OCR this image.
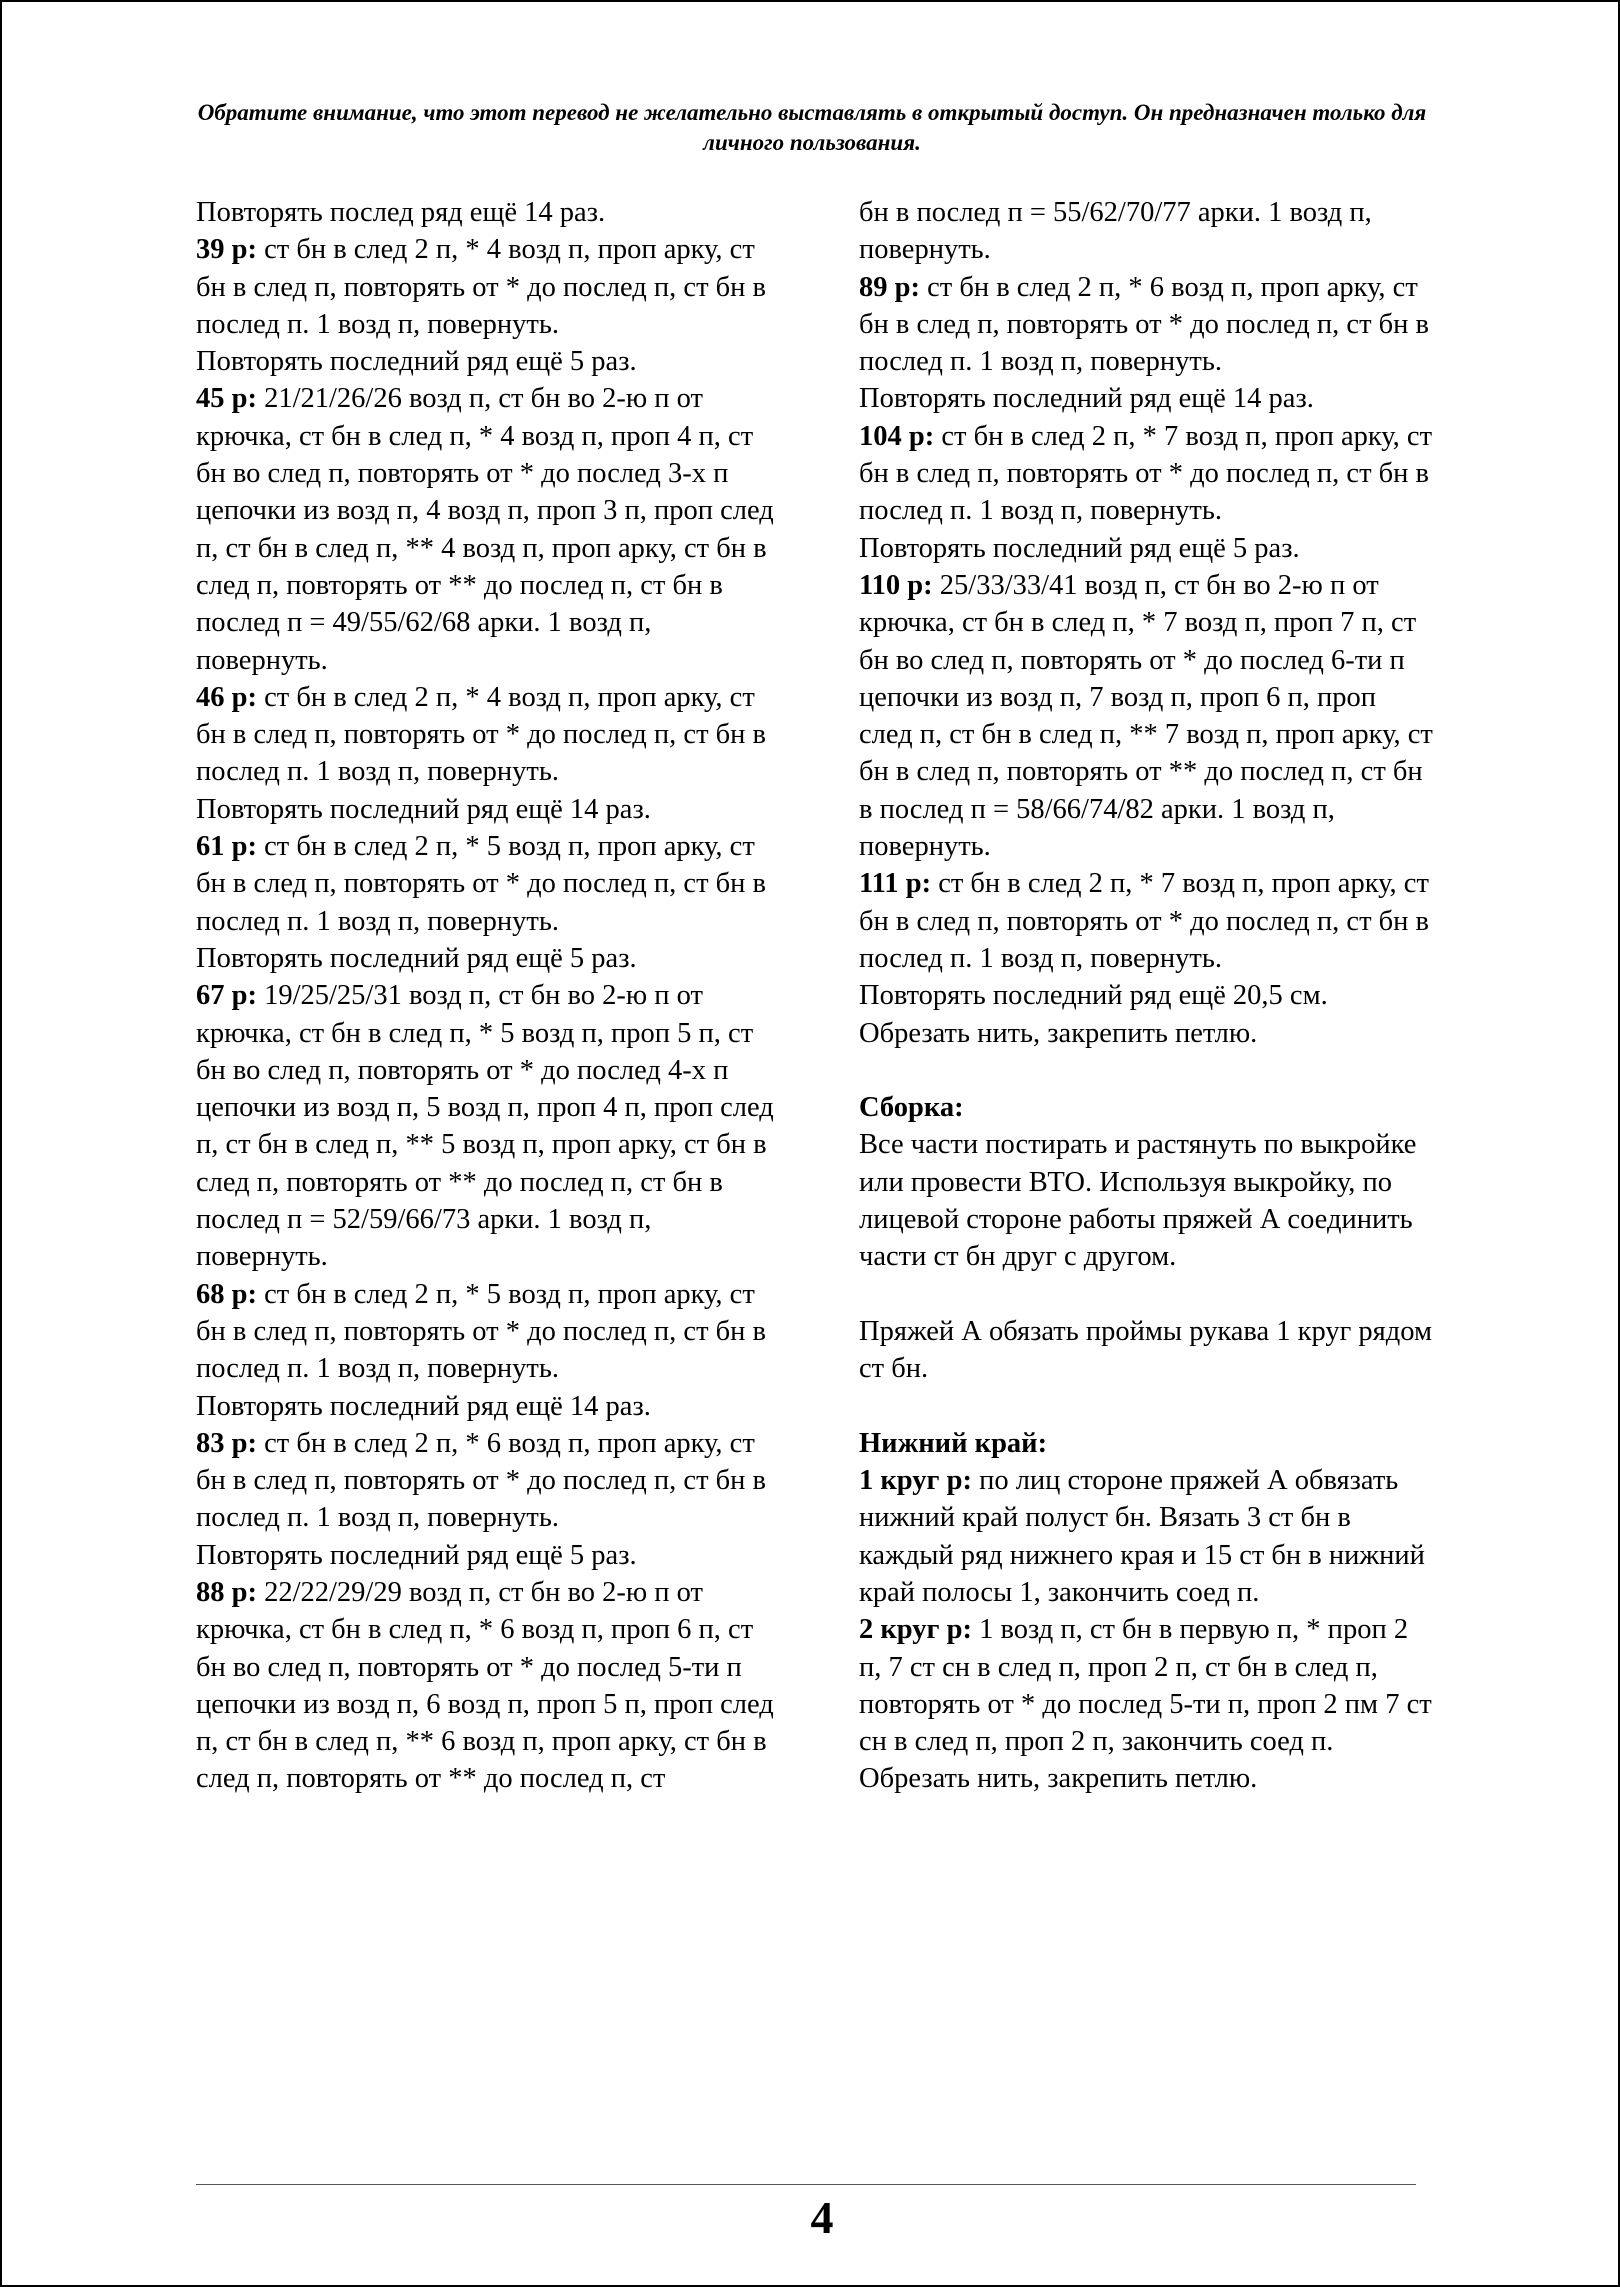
Обратите внимание, что этот перевод не желательно выставлять в открытый доступ. Он предназначен только для личного пользования.

Повторять послед ряд ещё 14 раз.

39 р: ст бн в след 2 п, * 4 возд п, проп арку, ст бн в след п, повторять от * до послед п, ст бн в послед п. 1 возд п, повернуть.

Повторять последний ряд ещё 5 раз.

45 р: 21/21/26/26 возд п, ст бн во 2-ю п от крючка, ст бн в след п, * 4 возд п, проп 4 п, ст бн во след п, повторять от * до послед 3-х п цепочки из возд п, 4 возд п, проп 3 п, проп след п, ст бн в след п, ** 4 возд п, проп арку, ст бн в след п, повторять от ** до послед п, ст бн в послед п = 49/55/62/68 арки. 1 возд п, повернуть.

46 р: ст бн в след 2 п, * 4 возд п, проп арку, ст бн в след п, повторять от * до послед п, ст бн в послед п. 1 возд п, повернуть.

Повторять последний ряд ещё 14 раз.

61 р: ст бн в след 2 п, * 5 возд п, проп арку, ст бн в след п, повторять от * до послед п, ст бн в послед п. 1 возд п, повернуть.

Повторять последний ряд ещё 5 раз.

67 р: 19/25/25/31 возд п, ст бн во 2-ю п от крючка, ст бн в след п, * 5 возд п, проп 5 п, ст бн во след п, повторять от * до послед 4-х п цепочки из возд п, 5 возд п, проп 4 п, проп след п, ст бн в след п, ** 5 возд п, проп арку, ст бн в след п, повторять от ** до послед п, ст бн в послед п = 52/59/66/73 арки. 1 возд п, повернуть.

68 р: ст бн в след 2 п, * 5 возд п, проп арку, ст бн в след п, повторять от * до послед п, ст бн в послед п. 1 возд п, повернуть.

Повторять последний ряд ещё 14 раз.

83 р: ст бн в след 2 п, * 6 возд п, проп арку, ст бн в след п, повторять от * до послед п, ст бн в послед п. 1 возд п, повернуть.

Повторять последний ряд ещё 5 раз.

88 р: 22/22/29/29 возд п, ст бн во 2-ю п от крючка, ст бн в след п, * 6 возд п, проп 6 п, ст бн во след п, повторять от * до послед 5-ти п цепочки из возд п, 6 возд п, проп 5 п, проп след п, ст бн в след п, ** 6 возд п, проп арку, ст бн в след п, повторять от ** до послед п, ст

бн в послед п = 55/62/70/77 арки. 1 возд п, повернуть.

89 р: ст бн в след 2 п, * 6 возд п, проп арку, ст бн в след п, повторять от * до послед п, ст бн в послед п. 1 возд п, повернуть.

Повторять последний ряд ещё 14 раз.

104 р: ст бн в след 2 п, * 7 возд п, проп арку, ст бн в след п, повторять от * до послед п, ст бн в послед п. 1 возд п, повернуть.

Повторять последний ряд ещё 5 раз.

110 р: 25/33/33/41 возд п, ст бн во 2-ю п от крючка, ст бн в след п, * 7 возд п, проп 7 п, ст бн во след п, повторять от * до послед 6-ти п цепочки из возд п, 7 возд п, проп 6 п, проп след п, ст бн в след п, ** 7 возд п, проп арку, ст бн в след п, повторять от ** до послед п, ст бн в послед п = 58/66/74/82 арки. 1 возд п, повернуть.

111 р: ст бн в след 2 п, * 7 возд п, проп арку, ст бн в след п, повторять от * до послед п, ст бн в послед п. 1 возд п, повернуть.

Повторять последний ряд ещё 20,5 см. Обрезать нить, закрепить петлю.

Сборка:

Все части постирать и растянуть по выкройке или провести ВТО. Используя выкройку, по лицевой стороне работы пряжей А соединить части ст бн друг с другом.

Пряжей А обязать проймы рукава 1 круг рядом ст бн.

Нижний край:

1 круг р: по лиц стороне пряжей А обвязать нижний край полуст бн. Вязать 3 ст бн в каждый ряд нижнего края и 15 ст бн в нижний край полосы 1, закончить соед п.

2 круг р: 1 возд п, ст бн в первую п, * проп 2 п, 7 ст сн в след п, проп 2 п, ст бн в след п, повторять от * до послед 5-ти п, проп 2 пм 7 ст сн в след п, проп 2 п, закончить соед п. Обрезать нить, закрепить петлю.

4
